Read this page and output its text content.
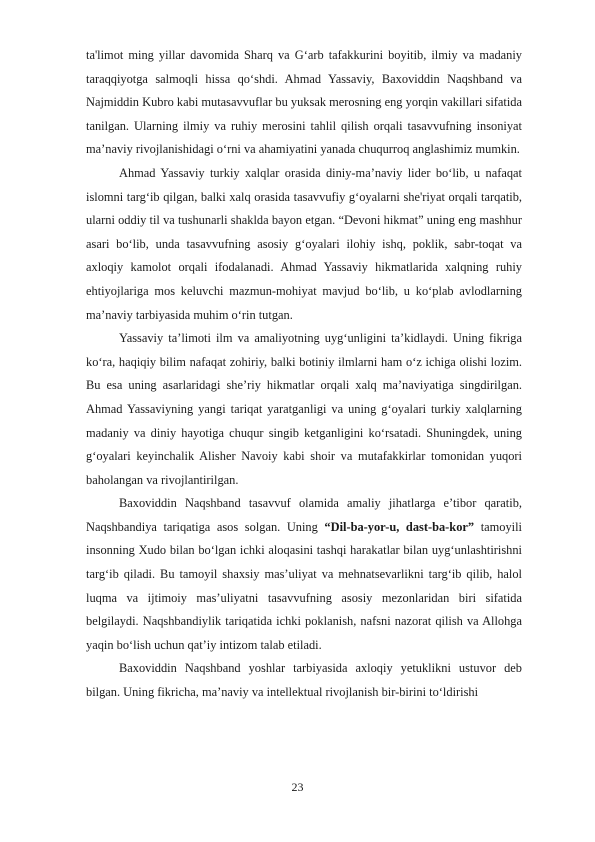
ta'limot ming yillar davomida Sharq va G‘arb tafakkurini boyitib, ilmiy va madaniy taraqqiyotga salmoqli hissa qo‘shdi. Ahmad Yassaviy, Baxoviddin Naqshband va Najmiddin Kubro kabi mutasavvuflar bu yuksak merosning eng yorqin vakillari sifatida tanilgan. Ularning ilmiy va ruhiy merosini tahlil qilish orqali tasavvufning insoniyat ma’naviy rivojlanishidagi o‘rni va ahamiyatini yanada chuqurroq anglashimiz mumkin.

Ahmad Yassaviy turkiy xalqlar orasida diniy-ma’naviy lider bo‘lib, u nafaqat islomni targ‘ib qilgan, balki xalq orasida tasavvufiy g‘oyalarni she'riyat orqali tarqatib, ularni oddiy til va tushunarli shaklda bayon etgan. “Devoni hikmat” uning eng mashhur asari bo‘lib, unda tasavvufning asosiy g‘oyalari ilohiy ishq, poklik, sabr-toqat va axloqiy kamolot orqali ifodalanadi. Ahmad Yassaviy hikmatlarida xalqning ruhiy ehtiyojlariga mos keluvchi mazmun-mohiyat mavjud bo‘lib, u ko‘plab avlodlarning ma’naviy tarbiyasida muhim o‘rin tutgan.

Yassaviy ta’limoti ilm va amaliyotning uyg‘unligini ta’kidlaydi. Uning fikriga ko‘ra, haqiqiy bilim nafaqat zohiriy, balki botiniy ilmlarni ham o‘z ichiga olishi lozim. Bu esa uning asarlaridagi she’riy hikmatlar orqali xalq ma’naviyatiga singdirilgan. Ahmad Yassaviyning yangi tariqat yaratganligi va uning g‘oyalari turkiy xalqlarning madaniy va diniy hayotiga chuqur singib ketganligini ko‘rsatadi. Shuningdek, uning g‘oyalari keyinchalik Alisher Navoiy kabi shoir va mutafakkirlar tomonidan yuqori baholangan va rivojlantirilgan.

Baxoviddin Naqshband tasavvuf olamida amaliy jihatlarga e’tibor qaratib, Naqshbandiya tariqatiga asos solgan. Uning “Dil-ba-yor-u, dast-ba-kor” tamoyili insonning Xudo bilan bo‘lgan ichki aloqasini tashqi harakatlar bilan uyg‘unlashtirishni targ‘ib qiladi. Bu tamoyil shaxsiy mas’uliyat va mehnatsevarlikni targ‘ib qilib, halol luqma va ijtimoiy mas’uliyatni tasavvufning asosiy mezonlaridan biri sifatida belgilaydi. Naqshbandiylik tariqatida ichki poklanish, nafsni nazorat qilish va Allohga yaqin bo‘lish uchun qat’iy intizom talab etiladi.

Baxoviddin Naqshband yoshlar tarbiyasida axloqiy yetuklikni ustuvor deb bilgan. Uning fikricha, ma’naviy va intellektual rivojlanish bir-birini to‘ldirishi

23
